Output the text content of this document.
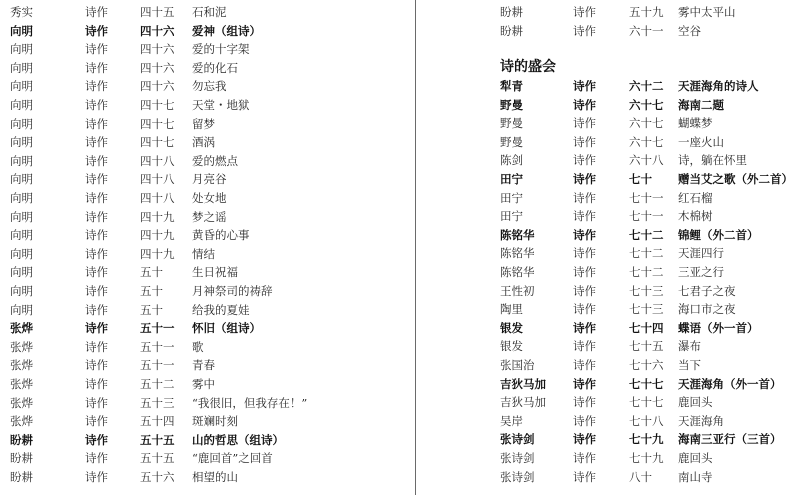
秀实	诗作	四十五 石和泥
向明	诗作	四十六 爱神（组诗）
向明	诗作	四十六 爱的十字架
向明	诗作	四十六 爱的化石
向明	诗作	四十六 勿忘我
向明	诗作	四十七 天堂・地狱
向明	诗作	四十七 留梦
向明	诗作	四十七 酒涡
向明	诗作	四十八 爱的燃点
向明	诗作	四十八 月亮谷
向明	诗作	四十八 处女地
向明	诗作	四十九 梦之谣
向明	诗作	四十九 黄昏的心事
向明	诗作	四十九 情结
向明	诗作	五十	生日祝福
向明	诗作	五十	月神祭司的祷辞
向明	诗作	五十	给我的夏娃
张烨	诗作	五十一 怀旧（组诗）
张烨	诗作	五十一 歌
张烨	诗作	五十一 青春
张烨	诗作	五十二 雾中
张烨	诗作	五十三 “我很旧，但我存在！”
张烨	诗作	五十四 斑斓时刻
盼耕	诗作	五十五 山的哲思（组诗）
盼耕	诗作	五十五 “鹿回首”之回首
盼耕	诗作	五十六 相望的山
盼耕	诗作	五十九 雾中太平山
盼耕	诗作	六十一 空谷
诗的盛会
犁青	诗作	六十二 天涯海角的诗人
野曼	诗作	六十七 海南二题
野曼	诗作	六十七 蝴蝶梦
野曼	诗作	六十七 一座火山
陈剑	诗作	六十八 诗，躺在怀里
田宁	诗作	七十 赠当艾之歌（外二首）
田宁	诗作	七十一 红石榴
田宁	诗作	七十一 木棉树
陈铭华	诗作	七十二 锦鲤（外二首）
陈铭华	诗作	七十二 天涯四行
陈铭华	诗作	七十二 三亚之行
王性初	诗作	七十三 七君子之夜
陶里	诗作	七十三 海口市之夜
银发	诗作	七十四 蝶语（外一首）
银发	诗作	七十五 瀑布
张国治	诗作	七十六 当下
吉狄马加 诗作	七十七 天涯海角（外一首）
吉狄马加 诗作	七十七 鹿回头
吴岸	诗作	七十八 天涯海角
张诗剑	诗作	七十九 海南三亚行（三首）
张诗剑	诗作	七十九 鹿回头
张诗剑	诗作	八十 南山寺
